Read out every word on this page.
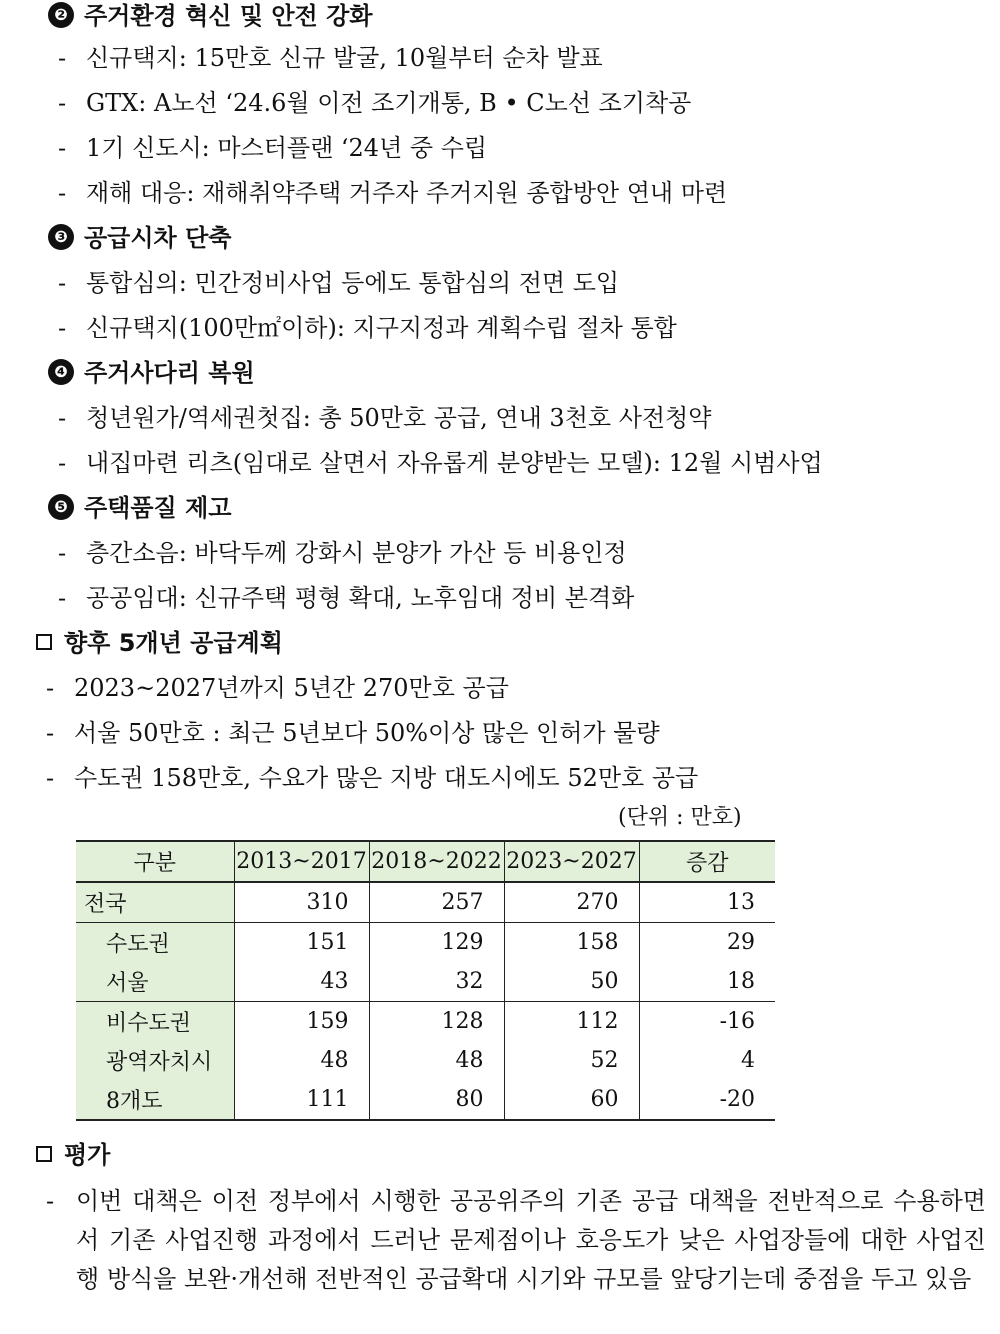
❷ 주거환경 혁신 및 안전 강화
- 신규택지: 15만호 신규 발굴, 10월부터 순차 발표
- GTX: A노선 ‘24.6월 이전 조기개통, B • C노선 조기착공
- 1기 신도시: 마스터플랜 ‘24년 중 수립
- 재해 대응: 재해취약주택 거주자 주거지원 종합방안 연내 마련
❸ 공급시차 단축
- 통합심의: 민간정비사업 등에도 통합심의 전면 도입
- 신규택지(100만㎡이하): 지구지정과 계획수립 절차 통합
❹ 주거사다리 복원
- 청년원가/역세권첫집: 총 50만호 공급, 연내 3천호 사전청약
- 내집마련 리츠(임대로 살면서 자유롭게 분양받는 모델): 12월 시범사업
❺ 주택품질 제고
- 층간소음: 바닥두께 강화시 분양가 가산 등 비용인정
- 공공임대: 신규주택 평형 확대, 노후임대 정비 본격화
향후 5개년 공급계획
- 2023~2027년까지 5년간 270만호 공급
- 서울 50만호 : 최근 5년보다 50%이상 많은 인허가 물량
- 수도권 158만호, 수요가 많은 지방 대도시에도 52만호 공급
(단위 : 만호)
구분	2013~2017	2018~2022	2023~2027	증감
전국	310	257	270	13
수도권	151	129	158	29
서울	43	32	50	18
비수도권	159	128	112	-16
광역자치시	48	48	52	4
8개도	111	80	60	-20
평가
- 이번 대책은 이전 정부에서 시행한 공공위주의 기존 공급 대책을 전반적으로 수용하면서 기존 사업진행 과정에서 드러난 문제점이나 호응도가 낮은 사업장들에 대한 사업진행 방식을 보완·개선해 전반적인 공급확대 시기와 규모를 앞당기는데 중점을 두고 있음
